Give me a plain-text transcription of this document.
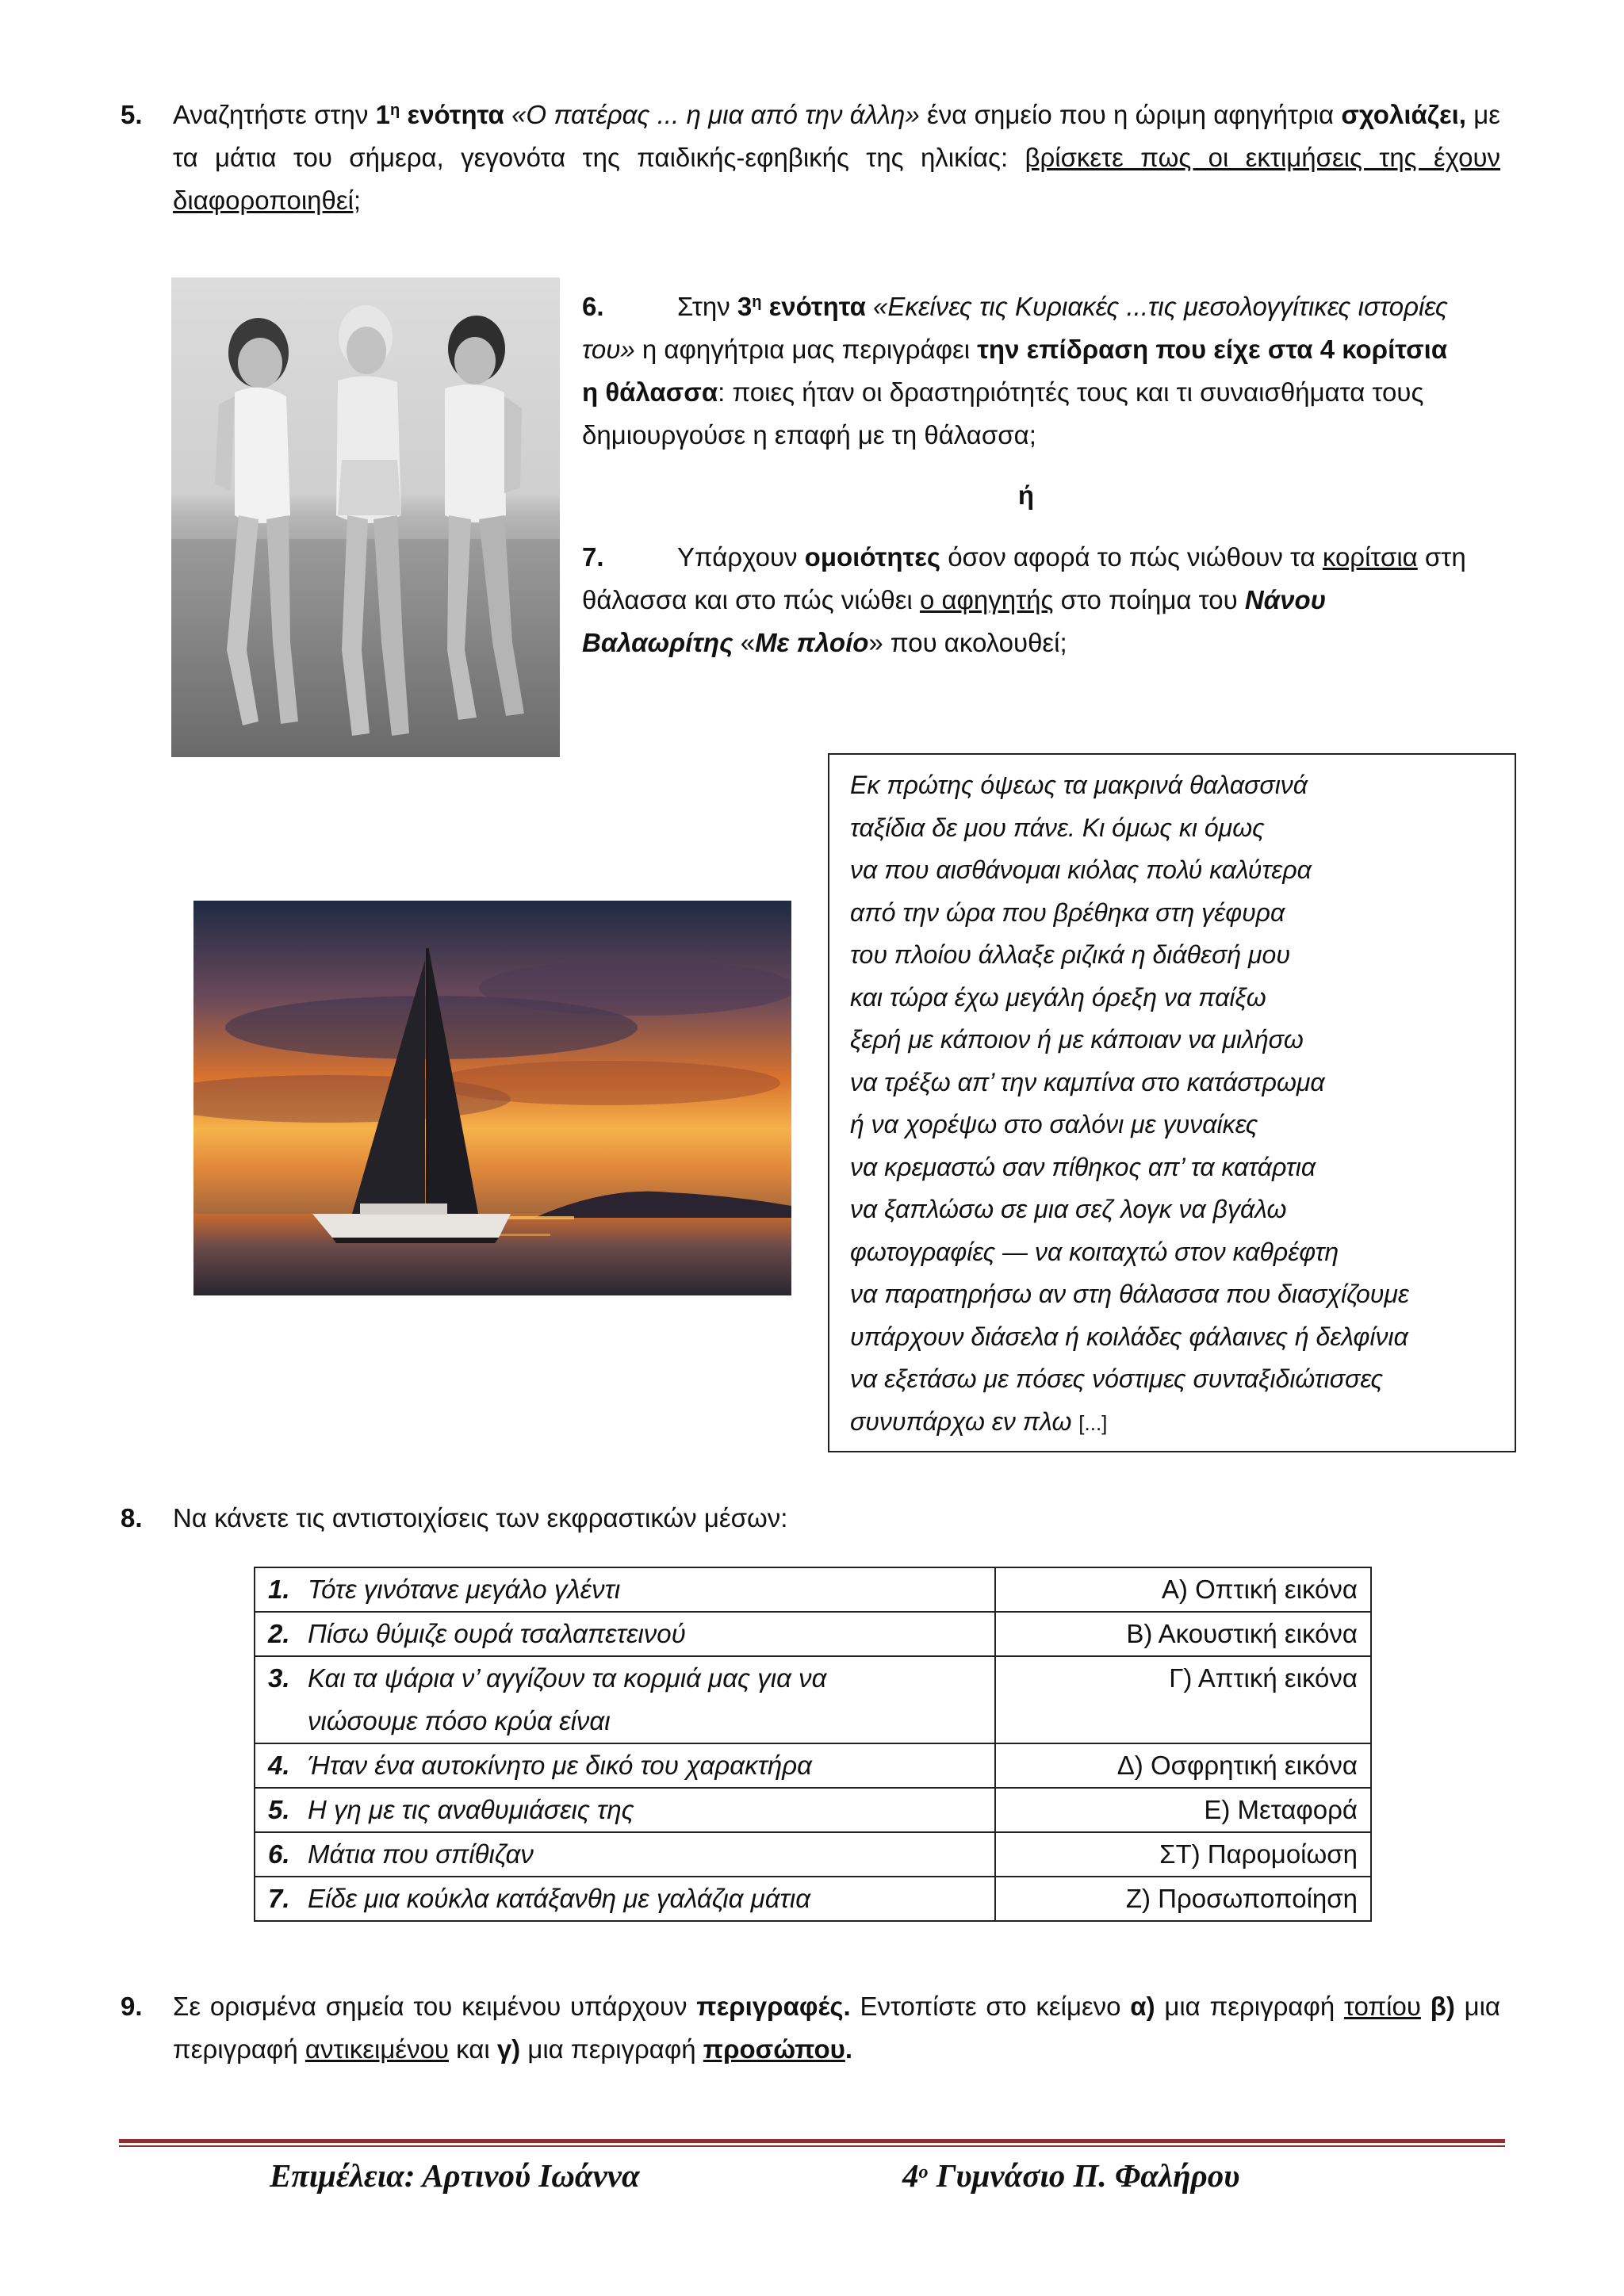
5.	Αναζητήστε στην $1^\eta$ ενότητα «Ο πατέρας ... η μια από την άλλη» ένα σημείο που η ώριμη αφηγήτρια σχολιάζει, με τα μάτια του σήμερα, γεγονότα της παιδικής-εφηβικής της ηλικίας: βρίσκετε πως οι εκτιμήσεις της έχουν διαφοροποιηθεί;

6.	Στην $3^\eta$ ενότητα «Εκείνες τις Κυριακές ...τις μεσολογγίτικες ιστορίες του» η αφηγήτρια μας περιγράφει την επίδραση που είχε στα 4 κορίτσια η θάλασσα: ποιες ήταν οι δραστηριότητές τους και τι συναισθήματα τους δημιουργούσε η επαφή με τη θάλασσα;

ή

7.	Υπάρχουν ομοιότητες όσον αφορά το πώς νιώθουν τα κορίτσια στη θάλασσα και στο πώς νιώθει ο αφηγητής στο ποίημα του Νάνου Βαλαωρίτης «Με πλοίο» που ακολουθεί;

Εκ πρώτης όψεως τα μακρινά θαλασσινά
ταξίδια δε μου πάνε. Κι όμως κι όμως
να που αισθάνομαι κιόλας πολύ καλύτερα
από την ώρα που βρέθηκα στη γέφυρα
του πλοίου άλλαξε ριζικά η διάθεσή μου
και τώρα έχω μεγάλη όρεξη να παίξω
ξερή με κάποιον ή με κάποιαν να μιλήσω
να τρέξω απ’ την καμπίνα στο κατάστρωμα
ή να χορέψω στο σαλόνι με γυναίκες
να κρεμαστώ σαν πίθηκος απ’ τα κατάρτια
να ξαπλώσω σε μια σεζ λογκ να βγάλω
φωτογραφίες — να κοιταχτώ στον καθρέφτη
να παρατηρήσω αν στη θάλασσα που διασχίζουμε
υπάρχουν διάσελα ή κοιλάδες φάλαινες ή δελφίνια
να εξετάσω με πόσες νόστιμες συνταξιδιώτισσες
συνυπάρχω εν πλω [...]
8.	Να κάνετε τις αντιστοιχίσεις των εκφραστικών μέσων:
1. Τότε γινότανε μεγάλο γλέντι	Α) Οπτική εικόνα
2. Πίσω θύμιζε ουρά τσαλαπετεινού	Β) Ακουστική εικόνα
3. Και τα ψάρια ν’ αγγίζουν τα κορμιά μας για να
νιώσουμε πόσο κρύα είναι	Γ) Απτική εικόνα
4. Ήταν ένα αυτοκίνητο με δικό του χαρακτήρα	Δ) Οσφρητική εικόνα
5. Η γη με τις αναθυμιάσεις της	Ε) Μεταφορά
6. Μάτια που σπίθιζαν	ΣΤ) Παρομοίωση
7. Είδε μια κούκλα κατάξανθη με γαλάζια μάτια	Ζ) Προσωποποίηση
9.	Σε ορισμένα σημεία του κειμένου υπάρχουν περιγραφές. Εντοπίστε στο κείμενο α) μια περιγραφή τοπίου β) μια περιγραφή αντικειμένου και γ) μια περιγραφή προσώπου.
Επιμέλεια: Αρτινού Ιωάννα	$4^o$ Γυμνάσιο Π. Φαλήρου
